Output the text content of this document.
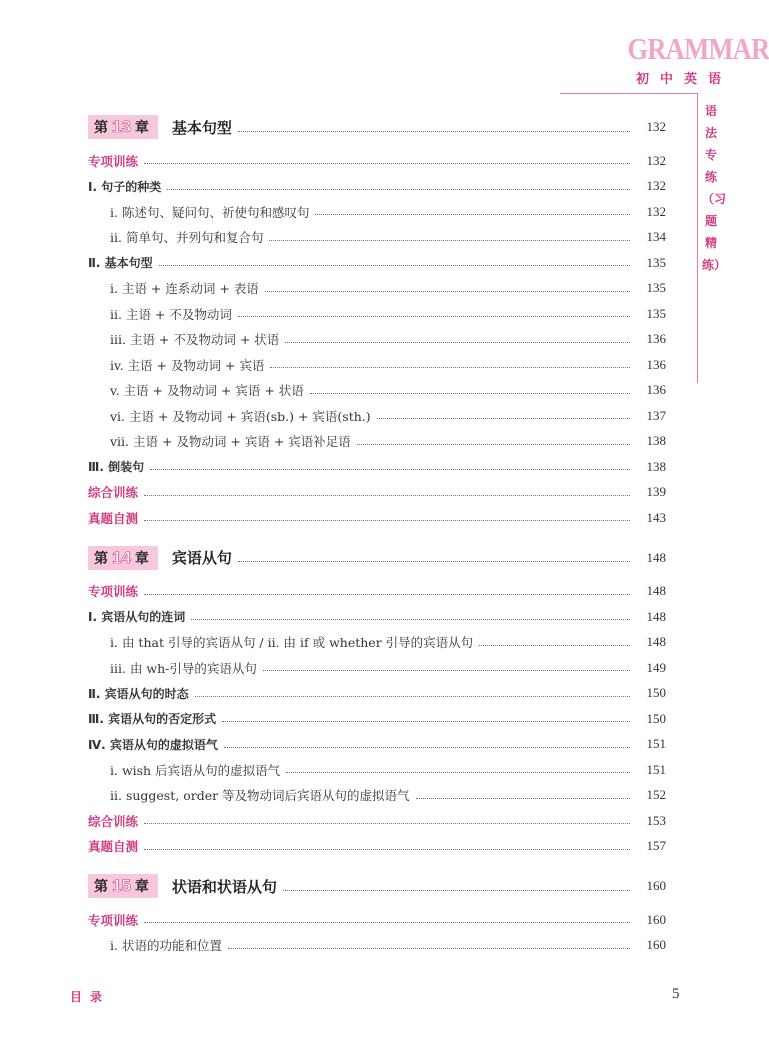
GRAMMAR
初中英语
语法专练（习题精练）
第 13 章 基本句型	132
专项训练	132
Ⅰ. 句子的种类	132
i. 陈述句、疑问句、祈使句和感叹句	132
ii. 简单句、并列句和复合句	134
Ⅱ. 基本句型	135
i. 主语 + 连系动词 + 表语	135
ii. 主语 + 不及物动词	135
iii. 主语 + 不及物动词 + 状语	136
iv. 主语 + 及物动词 + 宾语	136
v. 主语 + 及物动词 + 宾语 + 状语	136
vi. 主语 + 及物动词 + 宾语(sb.) + 宾语(sth.)	137
vii. 主语 + 及物动词 + 宾语 + 宾语补足语	138
Ⅲ. 倒装句	138
综合训练	139
真题自测	143
第 14 章 宾语从句	148
专项训练	148
Ⅰ. 宾语从句的连词	148
i. 由 that 引导的宾语从句 / ii. 由 if 或 whether 引导的宾语从句	148
iii. 由 wh-引导的宾语从句	149
Ⅱ. 宾语从句的时态	150
Ⅲ. 宾语从句的否定形式	150
Ⅳ. 宾语从句的虚拟语气	151
i. wish 后宾语从句的虚拟语气	151
ii. suggest, order 等及物动词后宾语从句的虚拟语气	152
综合训练	153
真题自测	157
第 15 章 状语和状语从句	160
专项训练	160
i. 状语的功能和位置	160
目录	5
